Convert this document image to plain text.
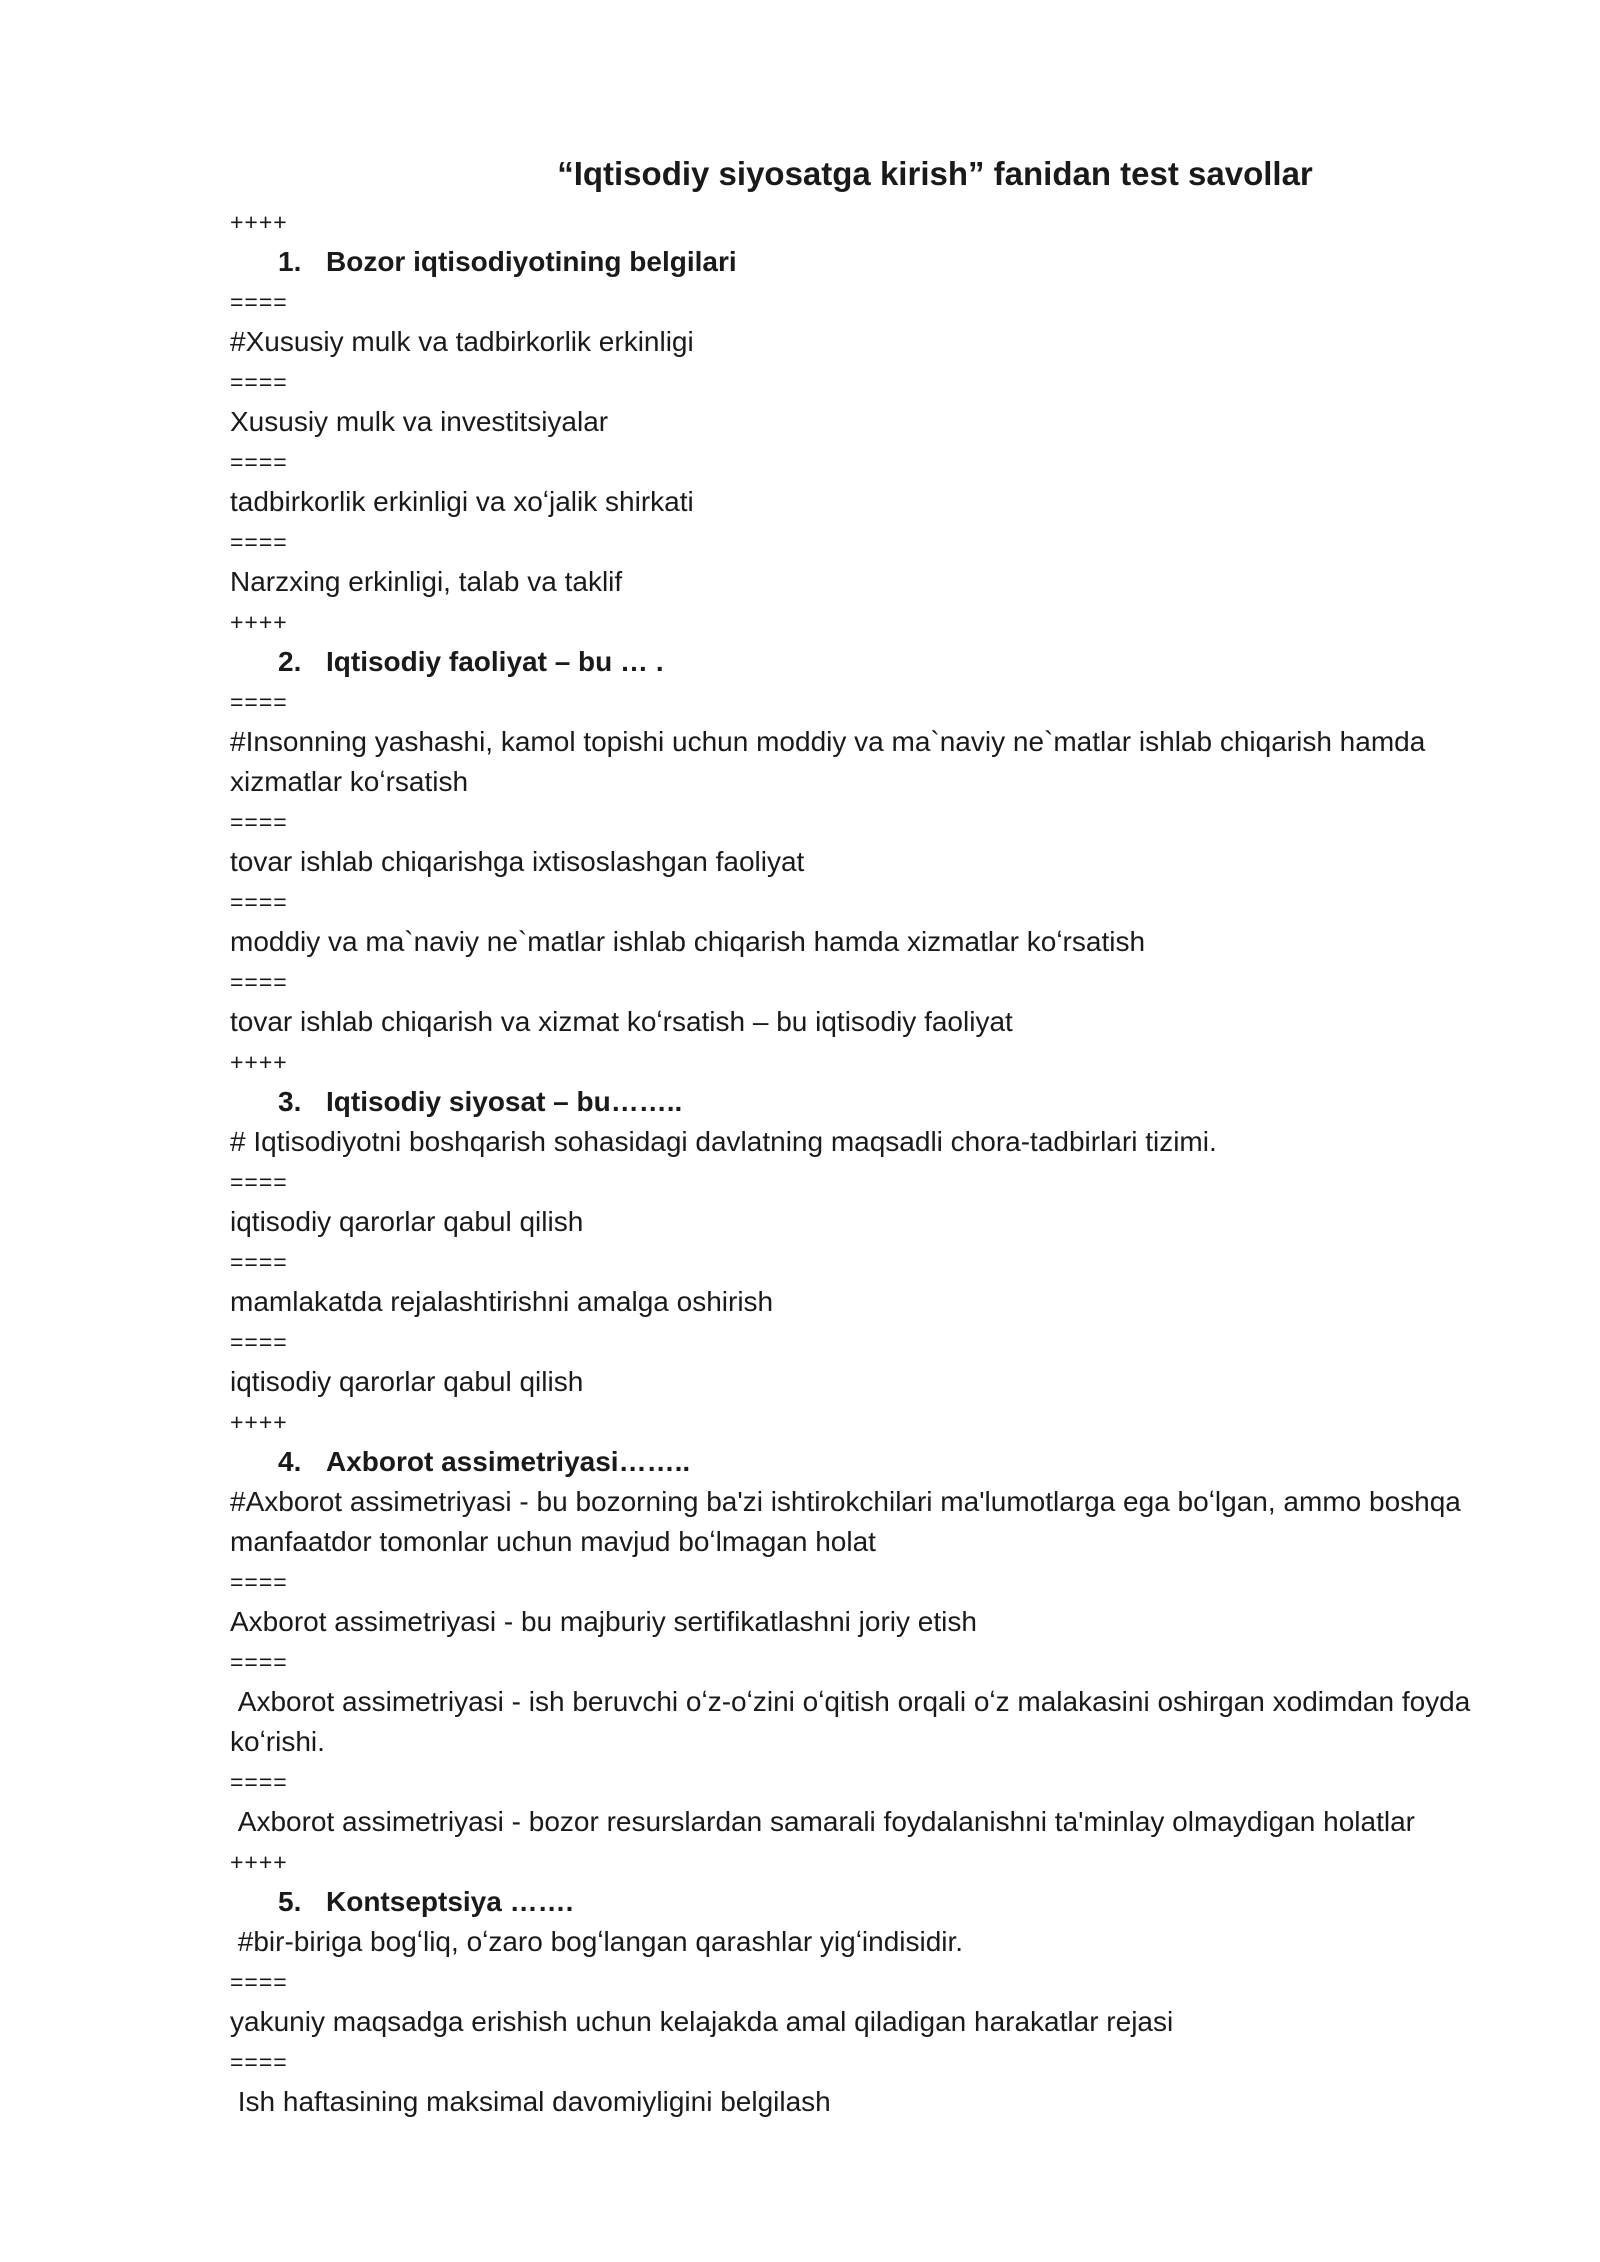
“Iqtisodiy siyosatga kirish” fanidan test savollar

++++

1. Bozor iqtisodiyotining belgilari

====

#Xususiy mulk va tadbirkorlik erkinligi

====

Xususiy mulk va investitsiyalar

====

tadbirkorlik erkinligi va xoʻjalik shirkati

====

Narzxing erkinligi, talab va taklif

++++

2. Iqtisodiy faoliyat – bu … .

====

#Insonning yashashi, kamol topishi uchun moddiy va ma`naviy ne`matlar ishlab chiqarish hamda xizmatlar koʻrsatish

====

tovar ishlab chiqarishga ixtisoslashgan faoliyat

====

moddiy va ma`naviy ne`matlar ishlab chiqarish hamda xizmatlar koʻrsatish

====

tovar ishlab chiqarish va xizmat koʻrsatish – bu iqtisodiy faoliyat

++++

3. Iqtisodiy siyosat – bu……..

# Iqtisodiyotni boshqarish sohasidagi davlatning maqsadli chora-tadbirlari tizimi.

====

iqtisodiy qarorlar qabul qilish

====

mamlakatda rejalashtirishni amalga oshirish

====

iqtisodiy qarorlar qabul qilish

++++

4. Axborot assimetriyasi……..

#Axborot assimetriyasi - bu bozorning ba'zi ishtirokchilari ma'lumotlarga ega boʻlgan, ammo boshqa manfaatdor tomonlar uchun mavjud boʻlmagan holat

====

Axborot assimetriyasi - bu majburiy sertifikatlashni joriy etish

====

Axborot assimetriyasi - ish beruvchi oʻz-oʻzini oʻqitish orqali oʻz malakasini oshirgan xodimdan foyda koʻrishi.

====

Axborot assimetriyasi - bozor resurslardan samarali foydalanishni ta'minlay olmaydigan holatlar

++++

5. Kontseptsiya …….

#bir-biriga bogʻliq, oʻzaro bogʻlangan qarashlar yigʻindisidir.

====

yakuniy maqsadga erishish uchun kelajakda amal qiladigan harakatlar rejasi

====

Ish haftasining maksimal davomiyligini belgilash
